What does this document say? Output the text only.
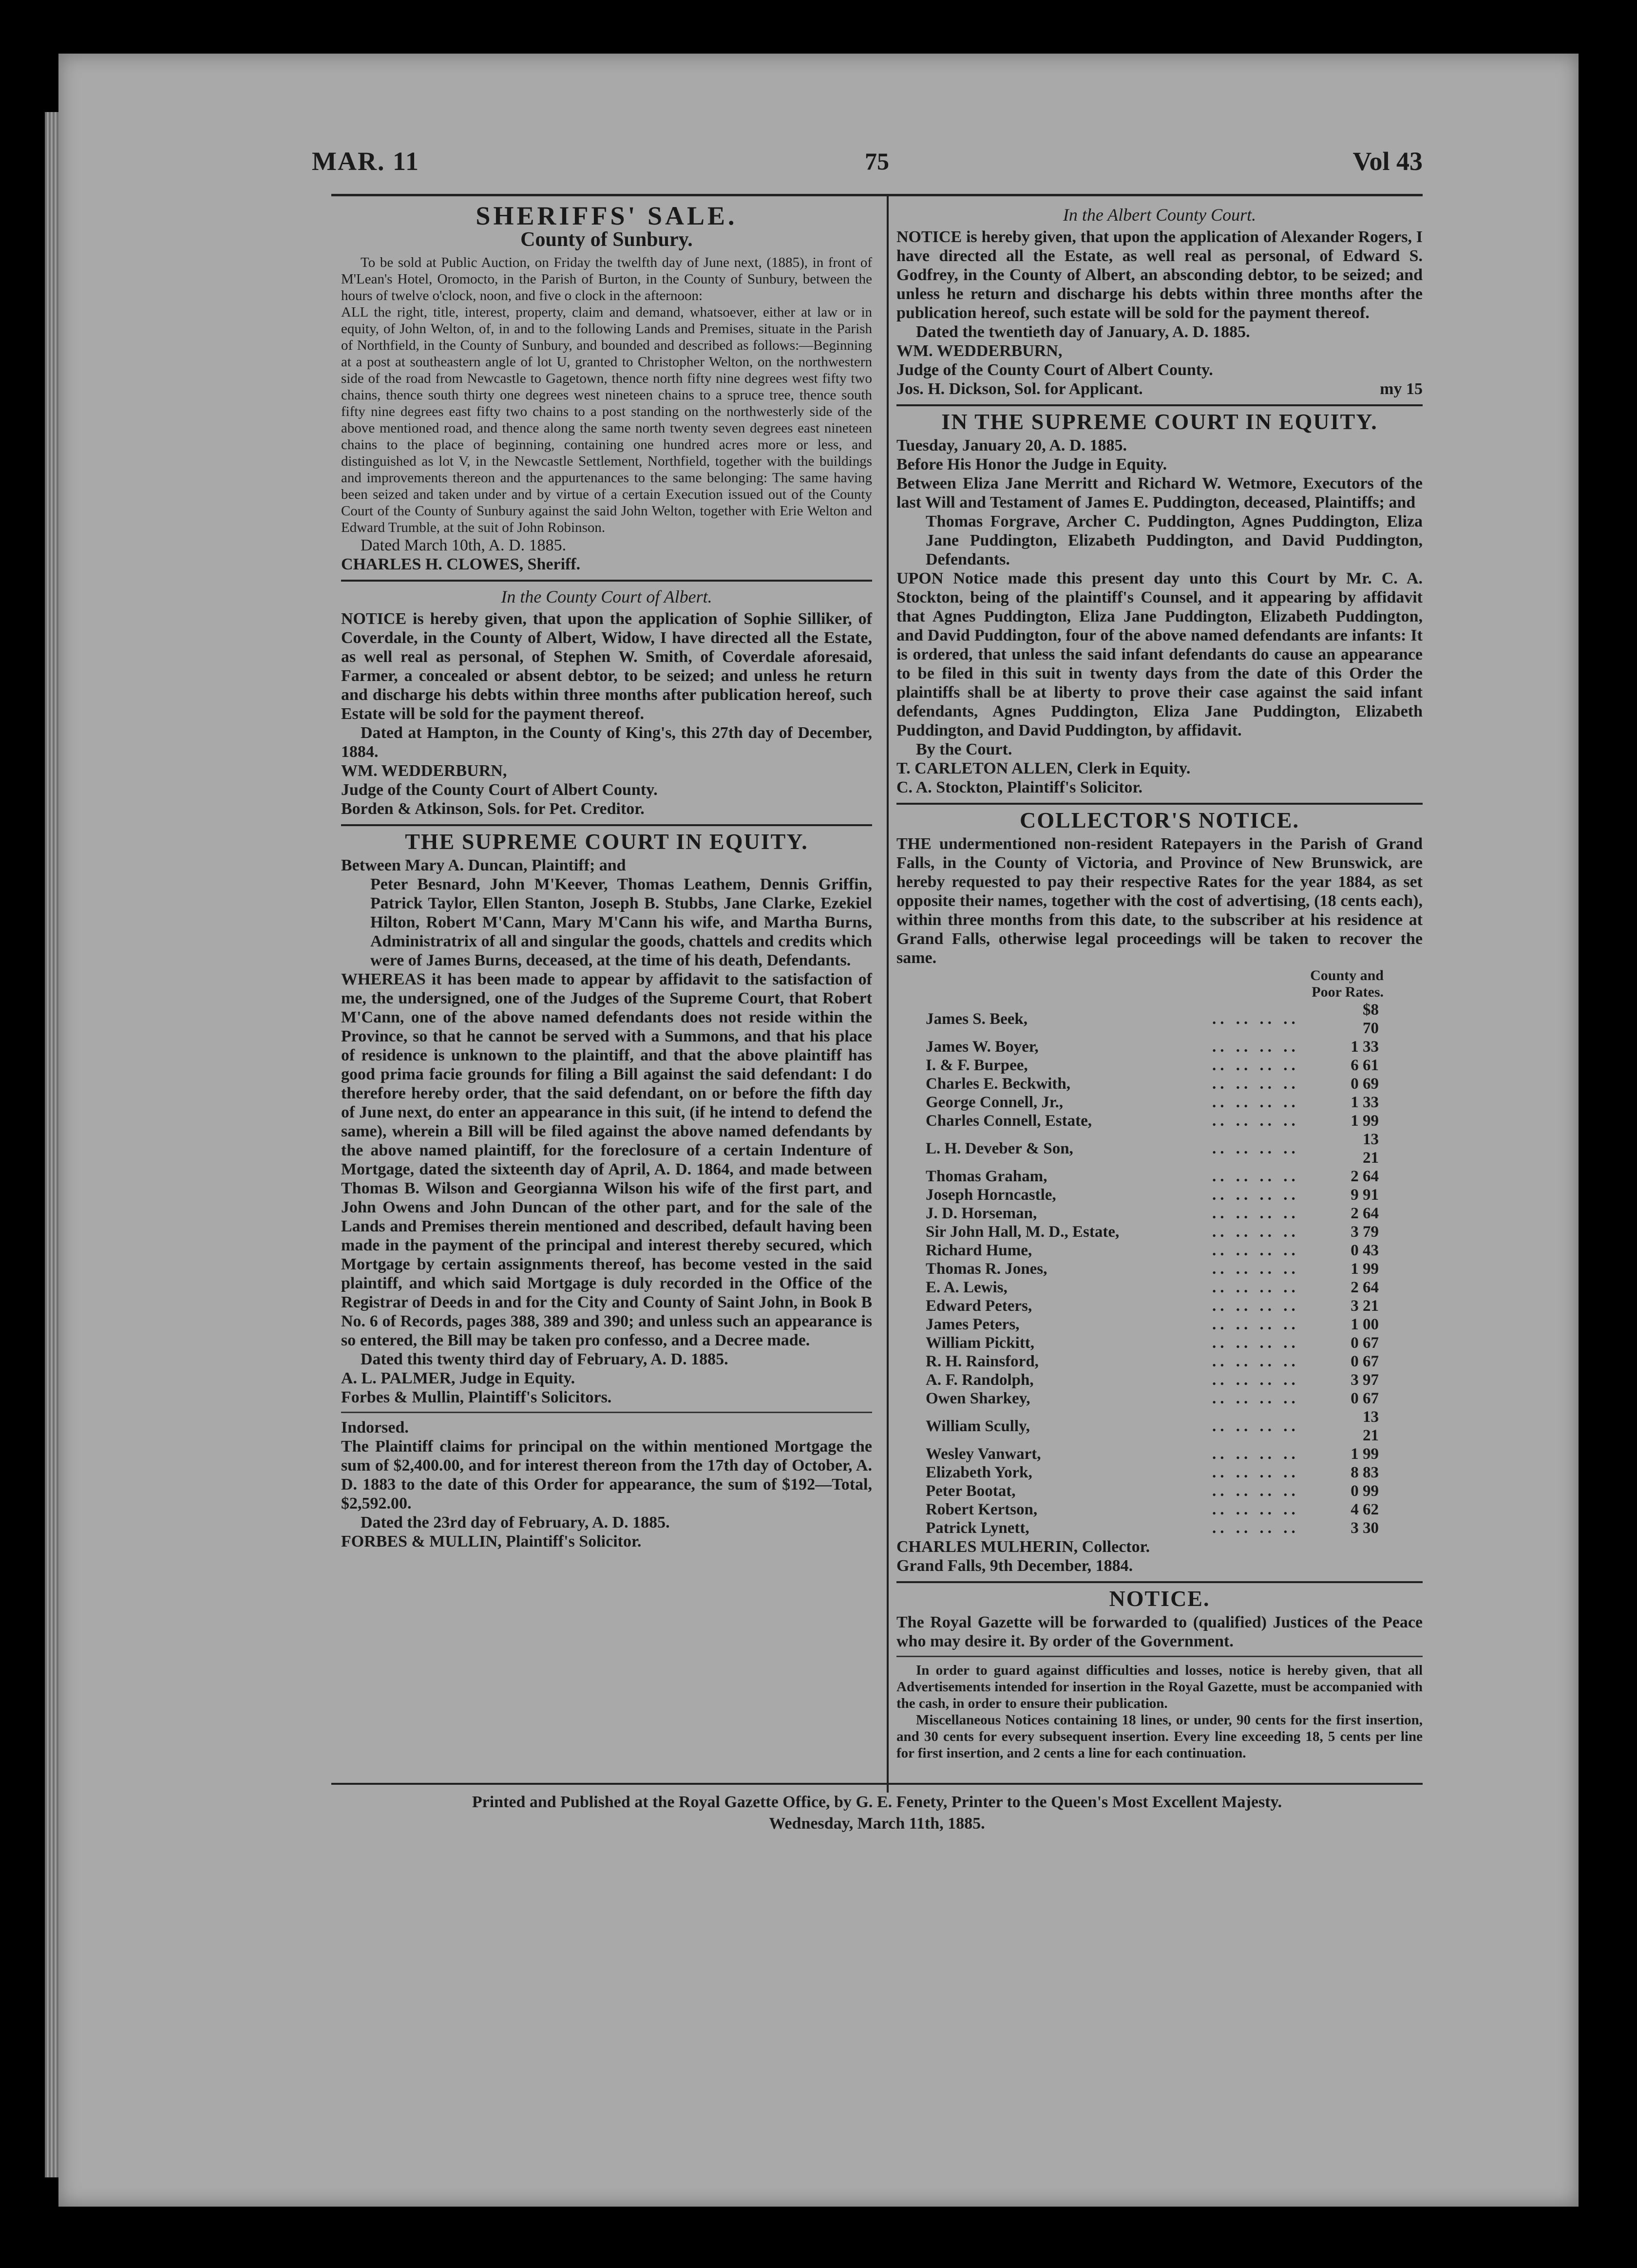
MAR. 11	75	Vol 43
SHERIFFS' SALE.
County of Sunbury.

To be sold at Public Auction, on Friday the twelfth day of June next, (1885), in front of M'Lean's Hotel, Oromocto, in the Parish of Burton, in the County of Sunbury, between the hours of twelve o'clock, noon, and five o clock in the afternoon:

ALL the right, title, interest, property, claim and demand, whatsoever, either at law or in equity, of John Welton, of, in and to the following Lands and Premises, situate in the Parish of Northfield, in the County of Sunbury, and bounded and described as follows:—Beginning at a post at southeastern angle of lot U, granted to Christopher Welton, on the northwestern side of the road from Newcastle to Gagetown, thence north fifty nine degrees west fifty two chains, thence south thirty one degrees west nineteen chains to a spruce tree, thence south fifty nine degrees east fifty two chains to a post standing on the northwesterly side of the above mentioned road, and thence along the same north twenty seven degrees east nineteen chains to the place of beginning, containing one hundred acres more or less, and distinguished as lot V, in the Newcastle Settlement, Northfield, together with the buildings and improvements thereon and the appurtenances to the same belonging: The same having been seized and taken under and by virtue of a certain Execution issued out of the County Court of the County of Sunbury against the said John Welton, together with Erie Welton and Edward Trumble, at the suit of John Robinson.

Dated March 10th, A. D. 1885.

CHARLES H. CLOWES, Sheriff.

In the County Court of Albert.

NOTICE is hereby given, that upon the application of Sophie Silliker, of Coverdale, in the County of Albert, Widow, I have directed all the Estate, as well real as personal, of Stephen W. Smith, of Coverdale aforesaid, Farmer, a concealed or absent debtor, to be seized; and unless he return and discharge his debts within three months after publication hereof, such Estate will be sold for the payment thereof.

Dated at Hampton, in the County of King's, this 27th day of December, 1884.

WM. WEDDERBURN,

Judge of the County Court of Albert County.

Borden & Atkinson, Sols. for Pet. Creditor.

THE SUPREME COURT IN EQUITY.

Between Mary A. Duncan, Plaintiff; and

Peter Besnard, John M'Keever, Thomas Leathem, Dennis Griffin, Patrick Taylor, Ellen Stanton, Joseph B. Stubbs, Jane Clarke, Ezekiel Hilton, Robert M'Cann, Mary M'Cann his wife, and Martha Burns, Administratrix of all and singular the goods, chattels and credits which were of James Burns, deceased, at the time of his death, Defendants.

WHEREAS it has been made to appear by affidavit to the satisfaction of me, the undersigned, one of the Judges of the Supreme Court, that Robert M'Cann, one of the above named defendants does not reside within the Province, so that he cannot be served with a Summons, and that his place of residence is unknown to the plaintiff, and that the above plaintiff has good prima facie grounds for filing a Bill against the said defendant: I do therefore hereby order, that the said defendant, on or before the fifth day of June next, do enter an appearance in this suit, (if he intend to defend the same), wherein a Bill will be filed against the above named defendants by the above named plaintiff, for the foreclosure of a certain Indenture of Mortgage, dated the sixteenth day of April, A. D. 1864, and made between Thomas B. Wilson and Georgianna Wilson his wife of the first part, and John Owens and John Duncan of the other part, and for the sale of the Lands and Premises therein mentioned and described, default having been made in the payment of the principal and interest thereby secured, which Mortgage by certain assignments thereof, has become vested in the said plaintiff, and which said Mortgage is duly recorded in the Office of the Registrar of Deeds in and for the City and County of Saint John, in Book B No. 6 of Records, pages 388, 389 and 390; and unless such an appearance is so entered, the Bill may be taken pro confesso, and a Decree made.

Dated this twenty third day of February, A. D. 1885.

A. L. PALMER, Judge in Equity.

Forbes & Mullin, Plaintiff's Solicitors.

Indorsed.

The Plaintiff claims for principal on the within mentioned Mortgage the sum of $2,400.00, and for interest thereon from the 17th day of October, A. D. 1883 to the date of this Order for appearance, the sum of $192—Total, $2,592.00.

Dated the 23rd day of February, A. D. 1885.

FORBES & MULLIN, Plaintiff's Solicitor.

In the Albert County Court.

NOTICE is hereby given, that upon the application of Alexander Rogers, I have directed all the Estate, as well real as personal, of Edward S. Godfrey, in the County of Albert, an absconding debtor, to be seized; and unless he return and discharge his debts within three months after the publication hereof, such estate will be sold for the payment thereof.

Dated the twentieth day of January, A. D. 1885.

WM. WEDDERBURN,

Judge of the County Court of Albert County.

Jos. H. Dickson, Sol. for Applicant.	my 15

IN THE SUPREME COURT IN EQUITY.

Tuesday, January 20, A. D. 1885.

Before His Honor the Judge in Equity.

Between Eliza Jane Merritt and Richard W. Wetmore, Executors of the last Will and Testament of James E. Puddington, deceased, Plaintiffs; and

Thomas Forgrave, Archer C. Puddington, Agnes Puddington, Eliza Jane Puddington, Elizabeth Puddington, and David Puddington, Defendants.

UPON Notice made this present day unto this Court by Mr. C. A. Stockton, being of the plaintiff's Counsel, and it appearing by affidavit that Agnes Puddington, Eliza Jane Puddington, Elizabeth Puddington, and David Puddington, four of the above named defendants are infants: It is ordered, that unless the said infant defendants do cause an appearance to be filed in this suit in twenty days from the date of this Order the plaintiffs shall be at liberty to prove their case against the said infant defendants, Agnes Puddington, Eliza Jane Puddington, Elizabeth Puddington, and David Puddington, by affidavit.

By the Court.

T. CARLETON ALLEN, Clerk in Equity.

C. A. Stockton, Plaintiff's Solicitor.

COLLECTOR'S NOTICE.

THE undermentioned non-resident Ratepayers in the Parish of Grand Falls, in the County of Victoria, and Province of New Brunswick, are hereby requested to pay their respective Rates for the year 1884, as set opposite their names, together with the cost of advertising, (18 cents each), within three months from this date, to the subscriber at his residence at Grand Falls, otherwise legal proceedings will be taken to recover the same.

County and
Poor Rates.
James S. Beek,	.. .. .. ..	$8 70
James W. Boyer,	.. .. .. ..	1 33
I. & F. Burpee,	.. .. .. ..	6 61
Charles E. Beckwith,	.. .. .. ..	0 69
George Connell, Jr.,	.. .. .. ..	1 33
Charles Connell, Estate,	.. .. .. ..	1 99
L. H. Deveber & Son,	.. .. .. ..	13 21
Thomas Graham,	.. .. .. ..	2 64
Joseph Horncastle,	.. .. .. ..	9 91
J. D. Horseman,	.. .. .. ..	2 64
Sir John Hall, M. D., Estate,	.. .. .. ..	3 79
Richard Hume,	.. .. .. ..	0 43
Thomas R. Jones,	.. .. .. ..	1 99
E. A. Lewis,	.. .. .. ..	2 64
Edward Peters,	.. .. .. ..	3 21
James Peters,	.. .. .. ..	1 00
William Pickitt,	.. .. .. ..	0 67
R. H. Rainsford,	.. .. .. ..	0 67
A. F. Randolph,	.. .. .. ..	3 97
Owen Sharkey,	.. .. .. ..	0 67
William Scully,	.. .. .. ..	13 21
Wesley Vanwart,	.. .. .. ..	1 99
Elizabeth York,	.. .. .. ..	8 83
Peter Bootat,	.. .. .. ..	0 99
Robert Kertson,	.. .. .. ..	4 62
Patrick Lynett,	.. .. .. ..	3 30

CHARLES MULHERIN, Collector.

Grand Falls, 9th December, 1884.

NOTICE.

The Royal Gazette will be forwarded to (qualified) Justices of the Peace who may desire it. By order of the Government.

In order to guard against difficulties and losses, notice is hereby given, that all Advertisements intended for insertion in the Royal Gazette, must be accompanied with the cash, in order to ensure their publication.

Miscellaneous Notices containing 18 lines, or under, 90 cents for the first insertion, and 30 cents for every subsequent insertion. Every line exceeding 18, 5 cents per line for first insertion, and 2 cents a line for each continuation.

Printed and Published at the Royal Gazette Office, by G. E. Fenety, Printer to the Queen's Most Excellent Majesty.

Wednesday, March 11th, 1885.
